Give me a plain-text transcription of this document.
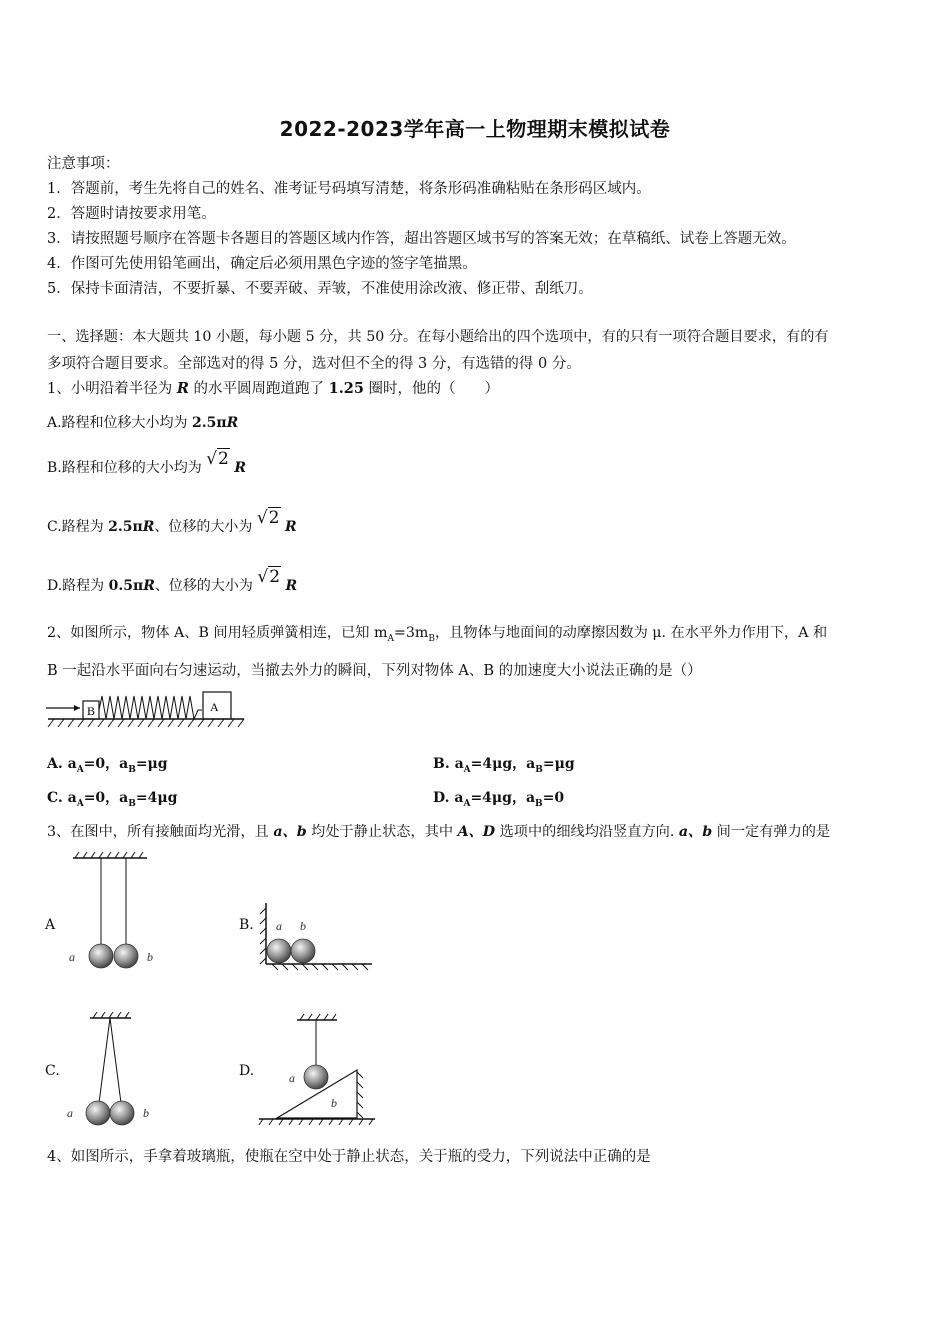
2022-2023学年高一上物理期末模拟试卷
注意事项：
1．答题前，考生先将自己的姓名、准考证号码填写清楚，将条形码准确粘贴在条形码区域内。
2．答题时请按要求用笔。
3．请按照题号顺序在答题卡各题目的答题区域内作答，超出答题区域书写的答案无效；在草稿纸、试卷上答题无效。
4．作图可先使用铅笔画出，确定后必须用黑色字迹的签字笔描黑。
5．保持卡面清洁，不要折暴、不要弄破、弄皱，不准使用涂改液、修正带、刮纸刀。
一、选择题：本大题共 10 小题，每小题 5 分，共 50 分。在每小题给出的四个选项中，有的只有一项符合题目要求，有的有
多项符合题目要求。全部选对的得 5 分，选对但不全的得 3 分，有选错的得 0 分。
1、小明沿着半径为 R 的水平圆周跑道跑了 1.25 圈时，他的（　　）
A.路程和位移大小均为 2.5πR
B.路程和位移的大小均为 √2 R
C.路程为 2.5πR、位移的大小为 √2 R
D.路程为 0.5πR、位移的大小为 √2 R
2、如图所示，物体 A、B 间用轻质弹簧相连，已知 $m_A=3m_B$，且物体与地面间的动摩擦因数为 μ. 在水平外力作用下，A 和
B 一起沿水平面向右匀速运动，当撤去外力的瞬间，下列对物体 A、B 的加速度大小说法正确的是（）
B	A
A. $a_A=0$，$a_B=\mu g$	B. $a_A=4\mu g$，$a_B=\mu g$
C. $a_A=0$，$a_B=4\mu g$	D. $a_A=4\mu g$，$a_B=0$
3、在图中，所有接触面均光滑，且 a、b 均处于静止状态，其中 A、D 选项中的细线均沿竖直方向. a、b 间一定有弹力的是
A
a	b
B. a b
C.
a	b
D.	a
b
4、如图所示，手拿着玻璃瓶，使瓶在空中处于静止状态，关于瓶的受力，下列说法中正确的是
